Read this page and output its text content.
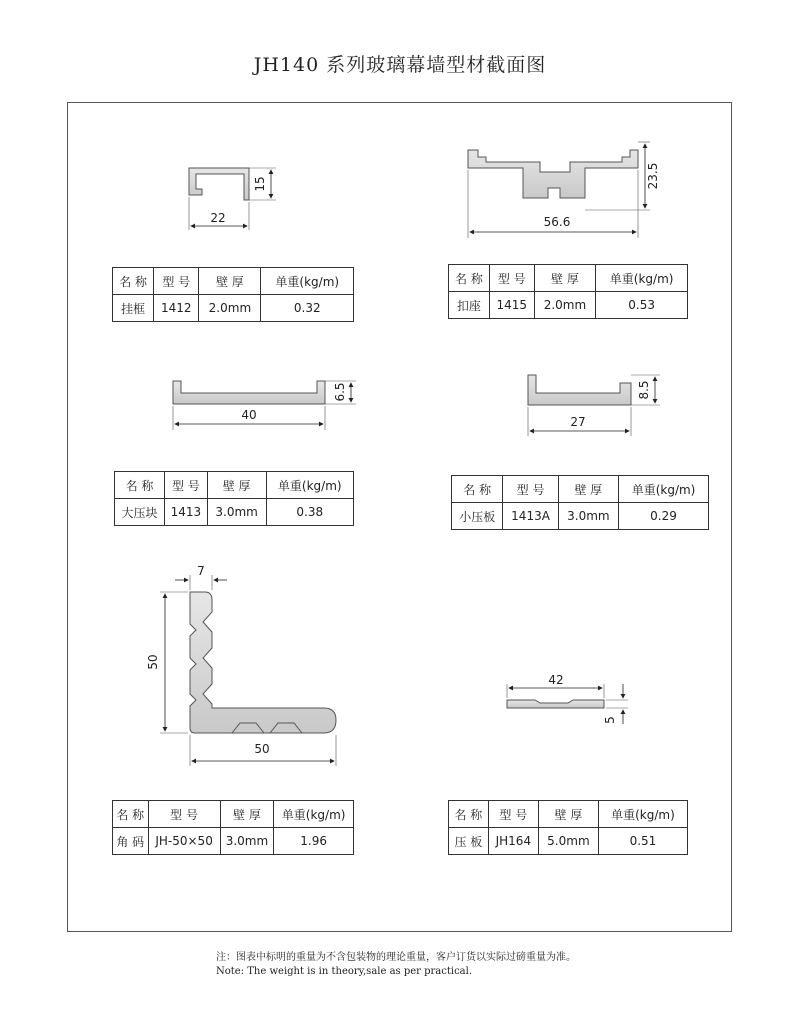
JH140 系列玻璃幕墙型材截面图
22
15
56.6
23.5
40
6.5
27
8.5
7
50
50
42
5
名 称	型 号	壁 厚	单重(kg/m)
挂框	1412	2.0mm	0.32
名 称	型 号	壁 厚	单重(kg/m)
扣座	1415	2.0mm	0.53
名 称	型 号	壁 厚	单重(kg/m)
大压块	1413	3.0mm	0.38
名 称	型 号	壁 厚	单重(kg/m)
小压板	1413A	3.0mm	0.29
名 称	型 号	壁 厚	单重(kg/m)
角 码	JH-50×50	3.0mm	1.96
名 称	型 号	壁 厚	单重(kg/m)
压 板	JH164	5.0mm	0.51
注：图表中标明的重量为不含包装物的理论重量，客户订货以实际过磅重量为准。
Note: The weight is in theory,sale as per practical.
